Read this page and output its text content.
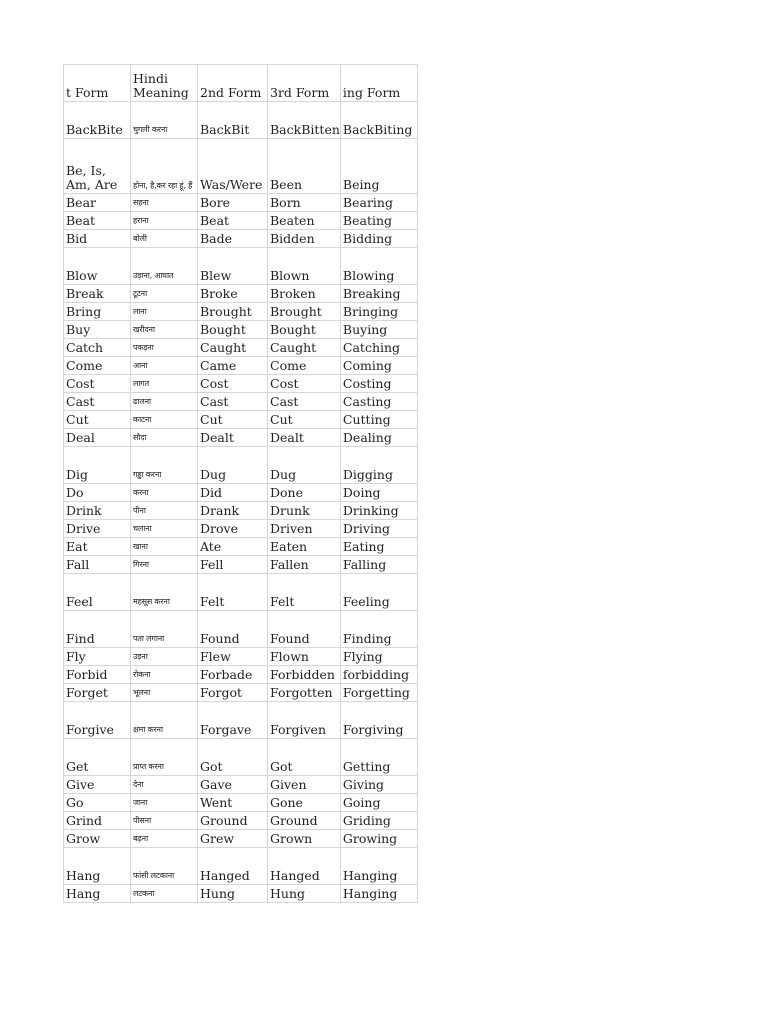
t Form	Hindi Meaning	2nd Form	3rd Form	ing Form
BackBite	चुगली करना	BackBit	BackBitten	BackBiting
Be, Is, Am, Are	होना, है,कर रहा हूं, हैं	Was/Were	Been	Being
Bear	सहना	Bore	Born	Bearing
Beat	हराना	Beat	Beaten	Beating
Bid	बोली	Bade	Bidden	Bidding
Blow	उड़ाना, आघात	Blew	Blown	Blowing
Break	टूटना	Broke	Broken	Breaking
Bring	लाना	Brought	Brought	Bringing
Buy	खरीदना	Bought	Bought	Buying
Catch	पकड़ना	Caught	Caught	Catching
Come	आना	Came	Come	Coming
Cost	लागत	Cost	Cost	Costing
Cast	ढालना	Cast	Cast	Casting
Cut	काटना	Cut	Cut	Cutting
Deal	सौदा	Dealt	Dealt	Dealing
Dig	गड्ढा करना	Dug	Dug	Digging
Do	करना	Did	Done	Doing
Drink	पीना	Drank	Drunk	Drinking
Drive	चलाना	Drove	Driven	Driving
Eat	खाना	Ate	Eaten	Eating
Fall	गिरना	Fell	Fallen	Falling
Feel	महसूस करना	Felt	Felt	Feeling
Find	पता लगाना	Found	Found	Finding
Fly	उड़ना	Flew	Flown	Flying
Forbid	रोकना	Forbade	Forbidden	forbidding
Forget	भूलना	Forgot	Forgotten	Forgetting
Forgive	क्षमा करना	Forgave	Forgiven	Forgiving
Get	प्राप्त करना	Got	Got	Getting
Give	देना	Gave	Given	Giving
Go	जाना	Went	Gone	Going
Grind	पीसना	Ground	Ground	Griding
Grow	बढ़ना	Grew	Grown	Growing
Hang	फांसी लटकाना	Hanged	Hanged	Hanging
Hang	लटकना	Hung	Hung	Hanging
